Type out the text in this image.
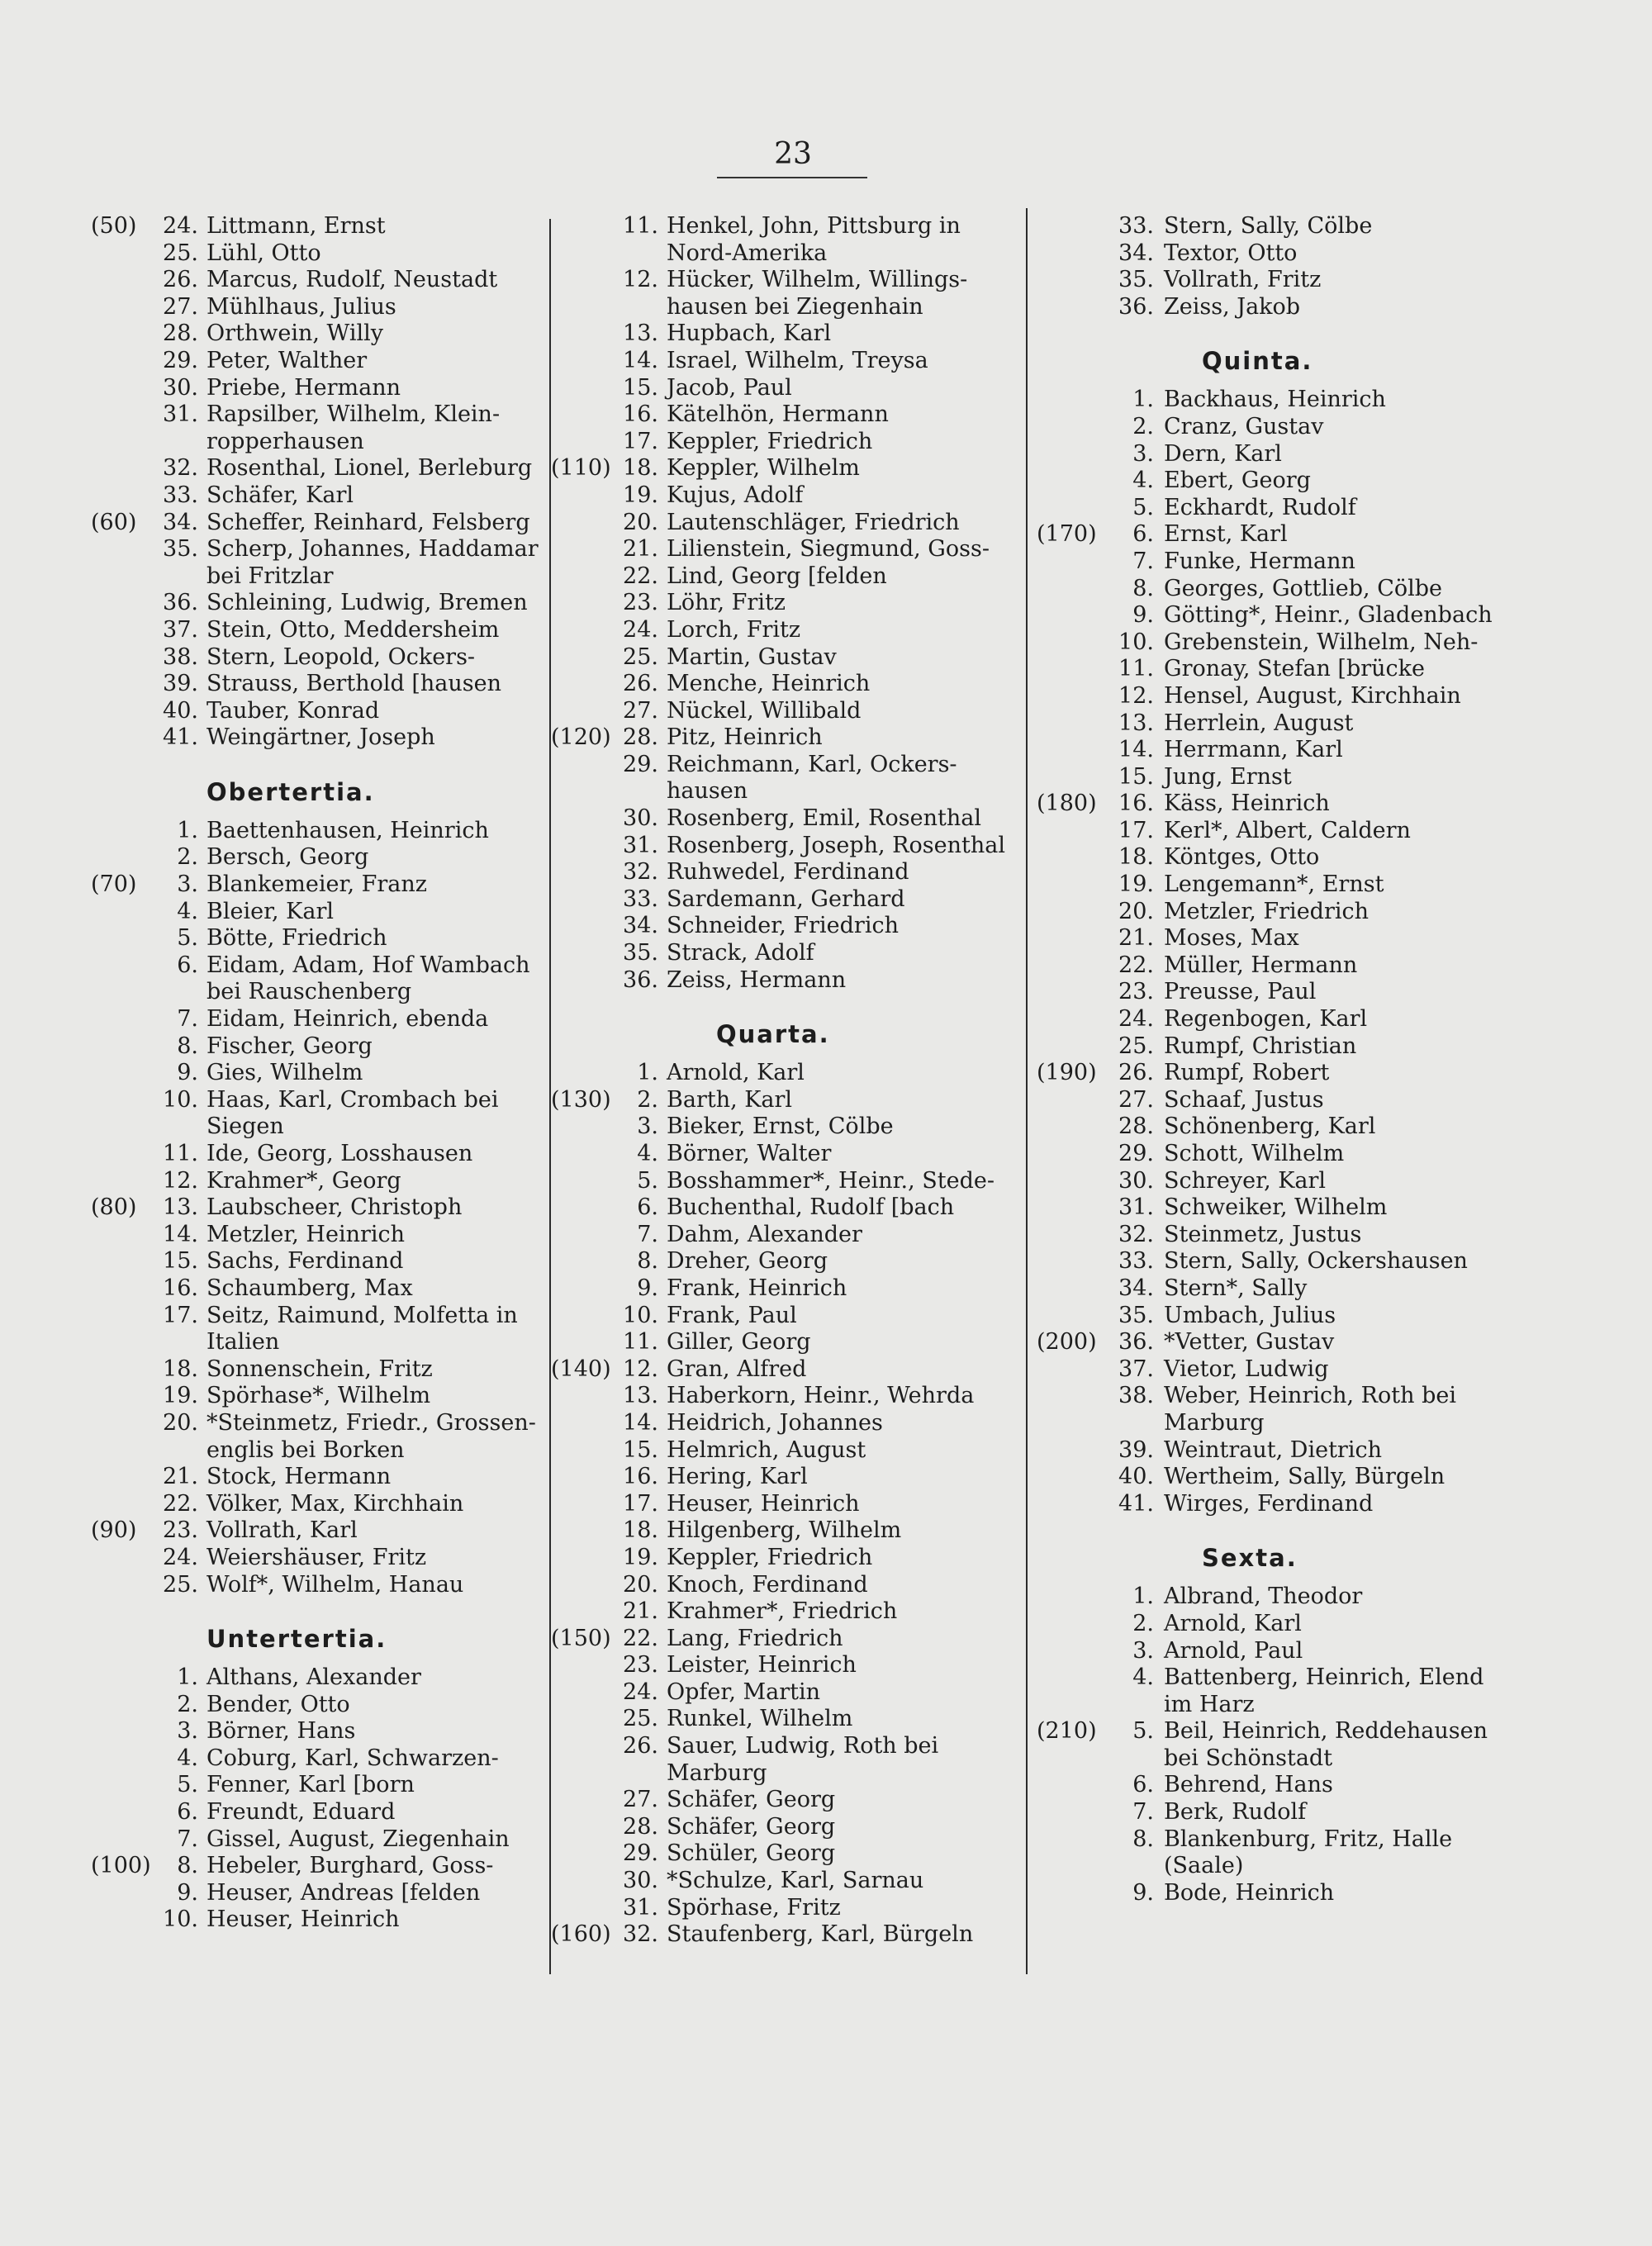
23
(50)	24. Littmann, Ernst
25. Lühl, Otto
26. Marcus, Rudolf, Neustadt
27. Mühlhaus, Julius
28. Orthwein, Willy
29. Peter, Walther
30. Priebe, Hermann
31. Rapsilber, Wilhelm, Klein-
ropperhausen
32. Rosenthal, Lionel, Berleburg
33. Schäfer, Karl
(60)	34. Scheffer, Reinhard, Felsberg
35. Scherp, Johannes, Haddamar
bei Fritzlar
36. Schleining, Ludwig, Bremen
37. Stein, Otto, Meddersheim
38. Stern, Leopold, Ockers-
39. Strauss, Berthold [hausen
40. Tauber, Konrad
41. Weingärtner, Joseph
Obertertia.
1. Baettenhausen, Heinrich
2. Bersch, Georg
(70)	3. Blankemeier, Franz
4. Bleier, Karl
5. Bötte, Friedrich
6. Eidam, Adam, Hof Wambach
bei Rauschenberg
7. Eidam, Heinrich, ebenda
8. Fischer, Georg
9. Gies, Wilhelm
10. Haas, Karl, Crombach bei
Siegen
11. Ide, Georg, Losshausen
12. Krahmer*, Georg
(80)	13. Laubscheer, Christoph
14. Metzler, Heinrich
15. Sachs, Ferdinand
16. Schaumberg, Max
17. Seitz, Raimund, Molfetta in
Italien
18. Sonnenschein, Fritz
19. Spörhase*, Wilhelm
20. *Steinmetz, Friedr., Grossen-
englis bei Borken
21. Stock, Hermann
22. Völker, Max, Kirchhain
(90)	23. Vollrath, Karl
24. Weiershäuser, Fritz
25. Wolf*, Wilhelm, Hanau
Untertertia.
1. Althans, Alexander
2. Bender, Otto
3. Börner, Hans
4. Coburg, Karl, Schwarzen-
5. Fenner, Karl [born
6. Freundt, Eduard
7. Gissel, August, Ziegenhain
(100)	8. Hebeler, Burghard, Goss-
9. Heuser, Andreas [felden
10. Heuser, Heinrich
11. Henkel, John, Pittsburg in
Nord-Amerika
12. Hücker, Wilhelm, Willings-
hausen bei Ziegenhain
13. Hupbach, Karl
14. Israel, Wilhelm, Treysa
15. Jacob, Paul
16. Kätelhön, Hermann
17. Keppler, Friedrich
(110) 18. Keppler, Wilhelm
19. Kujus, Adolf
20. Lautenschläger, Friedrich
21. Lilienstein, Siegmund, Goss-
22. Lind, Georg [felden
23. Löhr, Fritz
24. Lorch, Fritz
25. Martin, Gustav
26. Menche, Heinrich
27. Nückel, Willibald
(120) 28. Pitz, Heinrich
29. Reichmann, Karl, Ockers-
hausen
30. Rosenberg, Emil, Rosenthal
31. Rosenberg, Joseph, Rosenthal
32. Ruhwedel, Ferdinand
33. Sardemann, Gerhard
34. Schneider, Friedrich
35. Strack, Adolf
36. Zeiss, Hermann
Quarta.
1. Arnold, Karl
(130)	2. Barth, Karl
3. Bieker, Ernst, Cölbe
4. Börner, Walter
5. Bosshammer*, Heinr., Stede-
6. Buchenthal, Rudolf [bach
7. Dahm, Alexander
8. Dreher, Georg
9. Frank, Heinrich
10. Frank, Paul
11. Giller, Georg
(140) 12. Gran, Alfred
13. Haberkorn, Heinr., Wehrda
14. Heidrich, Johannes
15. Helmrich, August
16. Hering, Karl
17. Heuser, Heinrich
18. Hilgenberg, Wilhelm
19. Keppler, Friedrich
20. Knoch, Ferdinand
21. Krahmer*, Friedrich
(150) 22. Lang, Friedrich
23. Leister, Heinrich
24. Opfer, Martin
25. Runkel, Wilhelm
26. Sauer, Ludwig, Roth bei
Marburg
27. Schäfer, Georg
28. Schäfer, Georg
29. Schüler, Georg
30. *Schulze, Karl, Sarnau
31. Spörhase, Fritz
(160) 32. Staufenberg, Karl, Bürgeln
33. Stern, Sally, Cölbe
34. Textor, Otto
35. Vollrath, Fritz
36. Zeiss, Jakob
Quinta.
1. Backhaus, Heinrich
2. Cranz, Gustav
3. Dern, Karl
4. Ebert, Georg
5. Eckhardt, Rudolf
(170)	6. Ernst, Karl
7. Funke, Hermann
8. Georges, Gottlieb, Cölbe
9. Götting*, Heinr., Gladenbach
10. Grebenstein, Wilhelm, Neh-
11. Gronay, Stefan [brücke
12. Hensel, August, Kirchhain
13. Herrlein, August
14. Herrmann, Karl
15. Jung, Ernst
(180) 16. Käss, Heinrich
17. Kerl*, Albert, Caldern
18. Köntges, Otto
19. Lengemann*, Ernst
20. Metzler, Friedrich
21. Moses, Max
22. Müller, Hermann
23. Preusse, Paul
24. Regenbogen, Karl
25. Rumpf, Christian
(190) 26. Rumpf, Robert
27. Schaaf, Justus
28. Schönenberg, Karl
29. Schott, Wilhelm
30. Schreyer, Karl
31. Schweiker, Wilhelm
32. Steinmetz, Justus
33. Stern, Sally, Ockershausen
34. Stern*, Sally
35. Umbach, Julius
(200) 36. *Vetter, Gustav
37. Vietor, Ludwig
38. Weber, Heinrich, Roth bei
Marburg
39. Weintraut, Dietrich
40. Wertheim, Sally, Bürgeln
41. Wirges, Ferdinand
Sexta.
1. Albrand, Theodor
2. Arnold, Karl
3. Arnold, Paul
4. Battenberg, Heinrich, Elend
im Harz
(210)	5. Beil, Heinrich, Reddehausen
bei Schönstadt
6. Behrend, Hans
7. Berk, Rudolf
8. Blankenburg, Fritz, Halle
(Saale)
9. Bode, Heinrich
